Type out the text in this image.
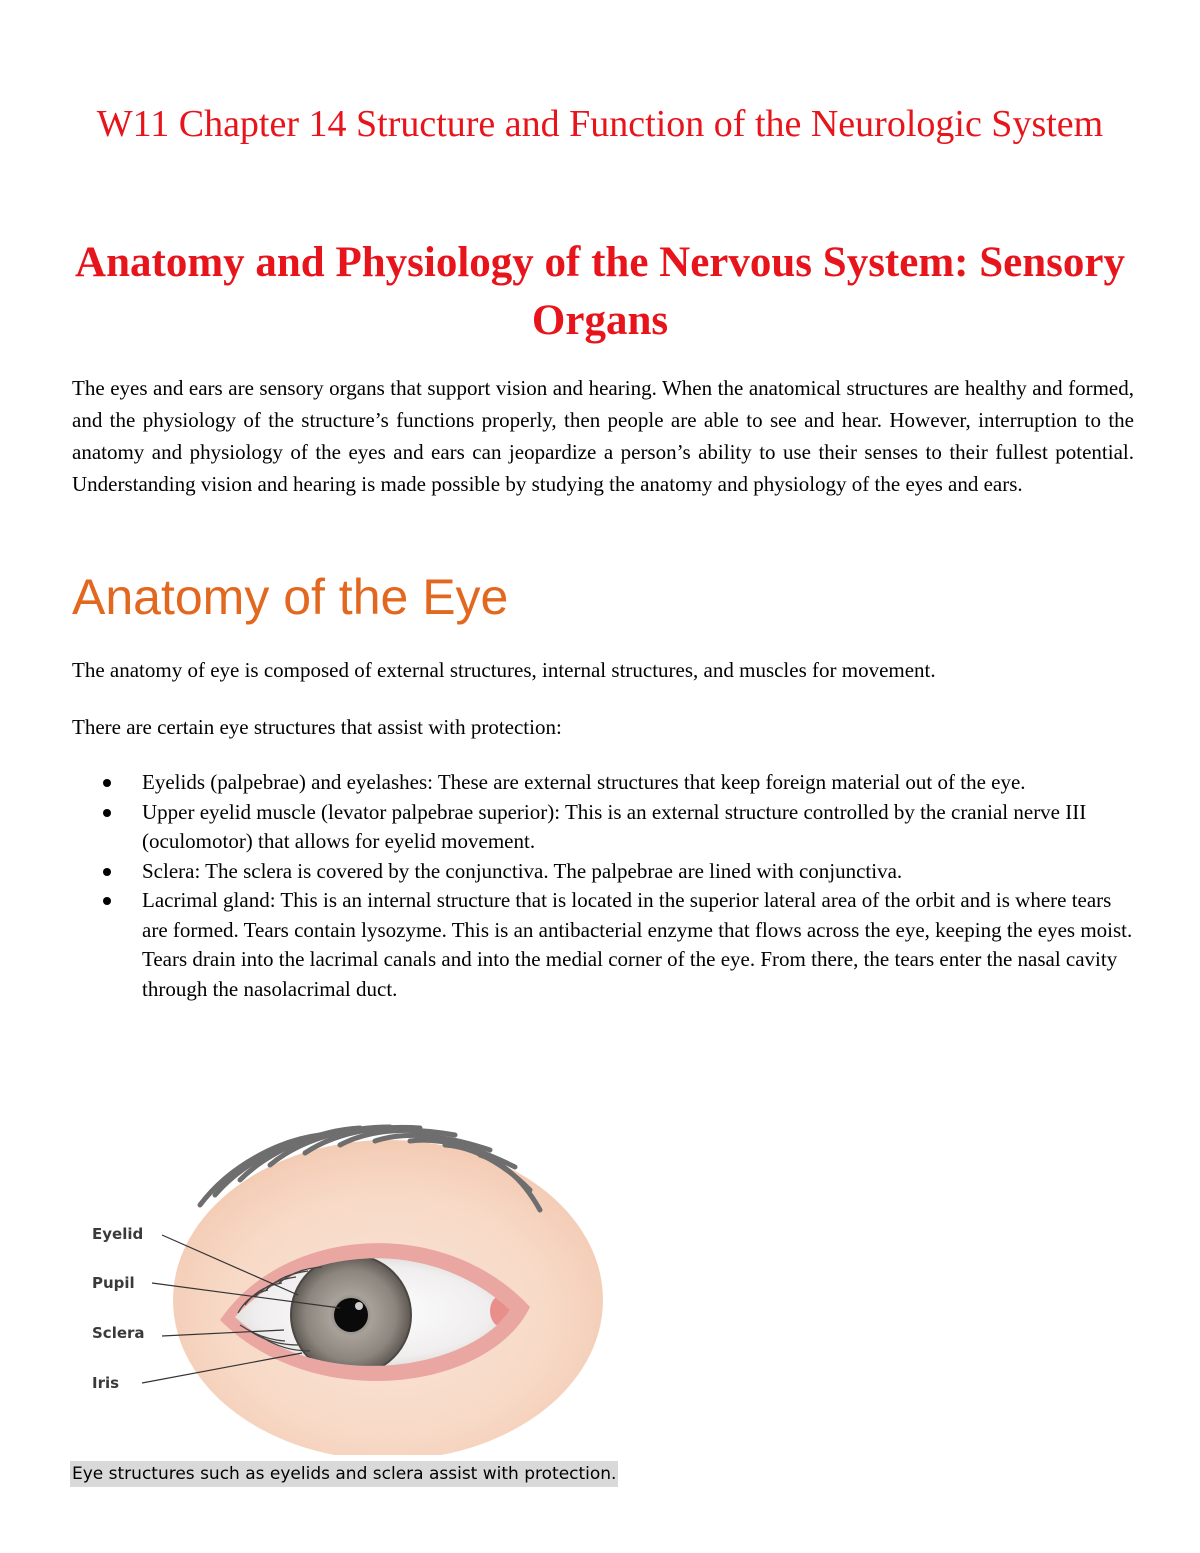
W11 Chapter 14 Structure and Function of the Neurologic System
Anatomy and Physiology of the Nervous System: Sensory Organs

The eyes and ears are sensory organs that support vision and hearing. When the anatomical structures are healthy and formed, and the physiology of the structure’s functions properly, then people are able to see and hear. However, interruption to the anatomy and physiology of the eyes and ears can jeopardize a person’s ability to use their senses to their fullest potential. Understanding vision and hearing is made possible by studying the anatomy and physiology of the eyes and ears.

Anatomy of the Eye

The anatomy of eye is composed of external structures, internal structures, and muscles for movement.

There are certain eye structures that assist with protection:

Eyelids (palpebrae) and eyelashes: These are external structures that keep foreign material out of the eye.
Upper eyelid muscle (levator palpebrae superior): This is an external structure controlled by the cranial nerve III (oculomotor) that allows for eyelid movement.
Sclera: The sclera is covered by the conjunctiva. The palpebrae are lined with conjunctiva.
Lacrimal gland: This is an internal structure that is located in the superior lateral area of the orbit and is where tears are formed. Tears contain lysozyme. This is an antibacterial enzyme that flows across the eye, keeping the eyes moist. Tears drain into the lacrimal canals and into the medial corner of the eye. From there, the tears enter the nasal cavity through the nasolacrimal duct.
Eyelid
Pupil
Sclera
Iris

Eye structures such as eyelids and sclera assist with protection.
